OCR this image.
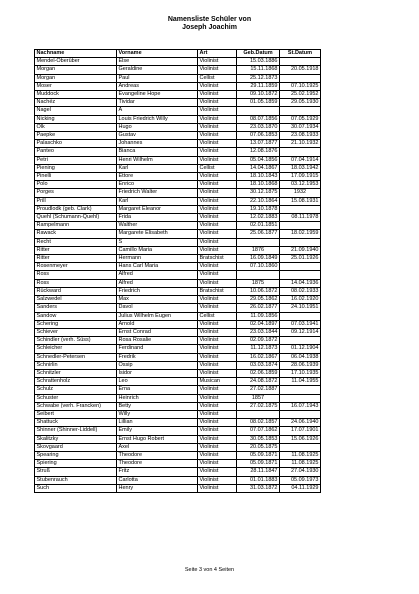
Namensliste Schüler von
Joseph Joachim
Nachname	Vorname	Art	Geb.Datum	St.Datum
Mendel-Oberüber	Else	Violinist	15.03.1886	
Morgan	Geraldine	Violinist	15.11.1868	20.05.1918
Morgan	Paul	Cellist	25.12.1873	
Moser	Andreas	Violinist	29.11.1859	07.10.1925
Muddock	Evangeline Hope	Violinist	09.10.1872	25.02.1952
Nachéz	Tividar	Violinist	01.05.1859	29.05.1930
Nagel	A	Violinist		
Nicking	Louis Friedrich Willy	Violinist	08.07.1856	07.05.1929
Olk	Hugo	Violinist	23.03.1870	30.07.1934
Paepke	Gustav	Violinist	07.06.1853	23.08.1933
Palaschko	Johannes	Violinist	13.07.1877	21.10.1932
Panteo	Bianca	Violinist	12.08.1876	
Petri	Henri Wilhelm	Violinist	05.04.1856	07.04.1914
Piening	Karl	Cellist	14.04.1867	18.03.1942
Pinelli	Ettore	Violinist	18.10.1843	17.09.1915
Polo	Enrico	Violinist	18.10.1868	03.12.1953
Porges	Friedrich Walter	Violinist	30.12.1875	1932
Prill	Karl	Violinist	22.10.1864	15.08.1931
Proudlodk (geb. Clark)	Margaret Eleanor	Violinist	19.10.1878	
Quehl (Schumann-Quehl)	Frida	Violinist	12.02.1883	08.11.1978
Rampelmann	Walther	Violinist	02.01.1851	
Rawack	Margarete Elisabeth	Violinist	25.06.1877	18.02.1959
Recht	S	Violinist		
Ritter	Camillo Maria	Violinist	1876	21.09.1940
Ritter	Hermann	Bratschist	16.09.1849	25.01.1926
Rosenmeyer	Hans Carl Maria	Violinist	07.10.1860	
Ross	Alfred	Violinist		
Ross	Alfred	Violinist	1875	14.04.1936
Rückward	Friedrich	Bratschist	10.06.1872	08.02.1933
Salzwedel	Max	Violinist	29.05.1862	16.02.1920
Sanders	Davol	Violinist	26.02.1877	24.10.1951
Sandow	Julius Wilhelm Eugen	Cellist	11.09.1856	
Schering	Arnold	Violinist	02.04.1897	07.03.1941
Schiever	Ernst Conrad	Violinist	23.03.1844	09.12.1914
Schindler (verh. Süss)	Rosa Rosalie	Violinist	02.09.1872	
Schleicher	Ferdinand	Violinist	11.12.1873	01.12.1904
Schnedler-Petersen	Fredrik	Violinist	16.02.1867	06.04.1938
Schnirlin	Ossip	Violinist	03.03.1874	28.06.1939
Schnitzler	Isidor	Violinist	02.06.1859	17.10.1935
Schrattenholz	Leo	Musican	24.08.1872	11.04.1955
Schulz	Erna	Violinist	27.02.1887	
Schuster	Heinrich	Violinist	1857	
Schwabe (verh. Francken)	Betty	Violinist	27.02.1875	16.07.1943
Seibert	Willy	Violinist		
Shattuck	Lillian	Violinist	08.02.1857	24.06.1940
Shinner (Shinner-Liddell)	Emily	Violinist	07.07.1862	17.07.1901
Skalitzky	Ernst Hugo Robert	Violinist	30.05.1853	15.06.1926
Skovgaard	Axel	Violinist	20.05.1875	
Spearing	Theodore	Violinist	05.09.1871	11.08.1925
Spiering	Theodore	Violinist	05.09.1871	11.08.1925
Struß	Fritz	Violinist	28.11.1847	27.04.1930
Stubenrauch	Carlotta	Violinist	01.01.1883	05.09.1973
Such	Henry	Violinist	31.03.1872	04.11.1929
Seite 3 von 4 Seiten
